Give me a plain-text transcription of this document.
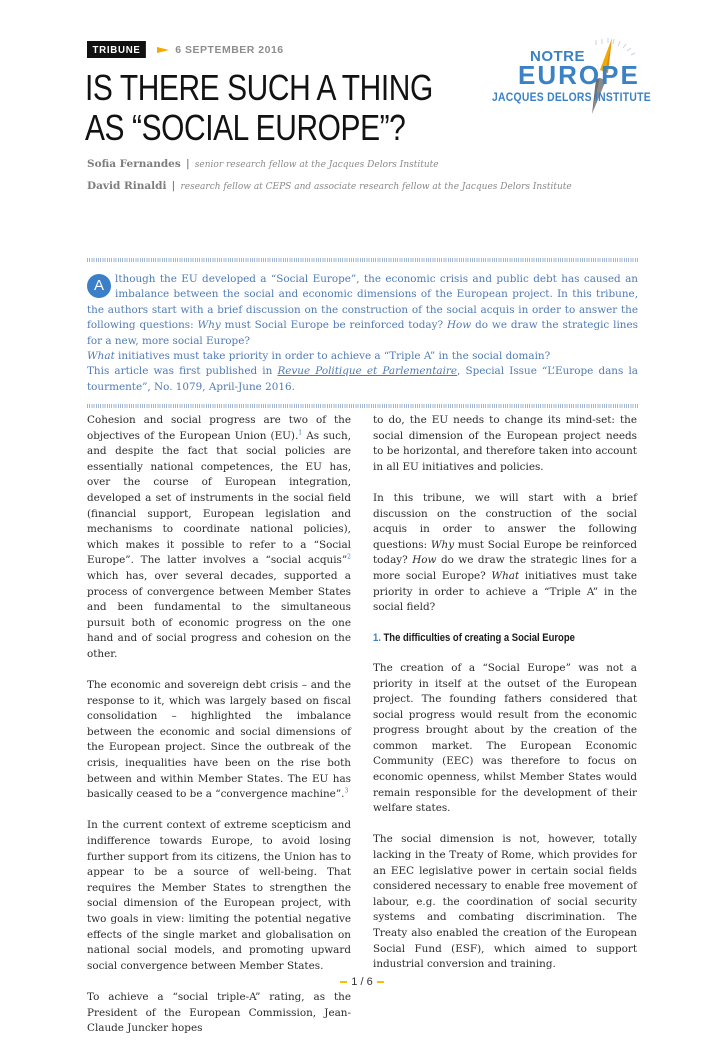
TRIBUNE	6 SEPTEMBER 2016
IS THERE SUCH A THING
AS “SOCIAL EUROPE”?
NOTRE
EUROPE
JACQUES DELORS INSTITUTE
Sofia Fernandes | senior research fellow at the Jacques Delors Institute
David Rinaldi | research fellow at CEPS and associate research fellow at the Jacques Delors Institute
A	lthough the EU developed a “Social Europe”, the economic crisis and public debt has caused an imbalance between the social and economic dimensions of the European project. In this tribune, the authors start with a brief discussion on the construction of the social acquis in order to answer the following questions: Why must Social Europe be reinforced today? How do we draw the strategic lines for a new, more social Europe?
What initiatives must take priority in order to achieve a “Triple A” in the social domain?
This article was first published in Revue Politique et Parlementaire, Special Issue “L’Europe dans la tourmente”, No. 1079, April-June 2016.

Cohesion and social progress are two of the objectives of the European Union (EU).$^1$ As such, and despite the fact that social policies are essentially national competences, the EU has, over the course of European integration, developed a set of instruments in the social field (financial support, European legislation and mechanisms to coordinate national policies), which makes it possible to refer to a “Social Europe”. The latter involves a “social acquis”$^2$ which has, over several decades, supported a process of convergence between Member States and been fundamental to the simultaneous pursuit both of economic progress on the one hand and of social progress and cohesion on the other.

The economic and sovereign debt crisis – and the response to it, which was largely based on fiscal consolidation – highlighted the imbalance between the economic and social dimensions of the European project. Since the outbreak of the crisis, inequalities have been on the rise both between and within Member States. The EU has basically ceased to be a “convergence machine”.$^3$

In the current context of extreme scepticism and indifference towards Europe, to avoid losing further support from its citizens, the Union has to appear to be a source of well-being. That requires the Member States to strengthen the social dimension of the European project, with two goals in view: limiting the potential negative effects of the single market and globalisation on national social models, and promoting upward social convergence between Member States.

To achieve a “social triple-A” rating, as the President of the European Commission, Jean-Claude Juncker hopes

to do, the EU needs to change its mind-set: the social dimension of the European project needs to be horizontal, and therefore taken into account in all EU initiatives and policies.

In this tribune, we will start with a brief discussion on the construction of the social acquis in order to answer the following questions: Why must Social Europe be reinforced today? How do we draw the strategic lines for a more social Europe? What initiatives must take priority in order to achieve a “Triple A” in the social field?

1. The difficulties of creating a Social Europe

The creation of a “Social Europe” was not a priority in itself at the outset of the European project. The founding fathers considered that social progress would result from the economic progress brought about by the creation of the common market. The European Economic Community (EEC) was therefore to focus on economic openness, whilst Member States would remain responsible for the development of their welfare states.

The social dimension is not, however, totally lacking in the Treaty of Rome, which provides for an EEC legislative power in certain social fields considered necessary to enable free movement of labour, e.g. the coordination of social security systems and combating discrimination. The Treaty also enabled the creation of the European Social Fund (ESF), which aimed to support industrial conversion and training.

1 / 6
